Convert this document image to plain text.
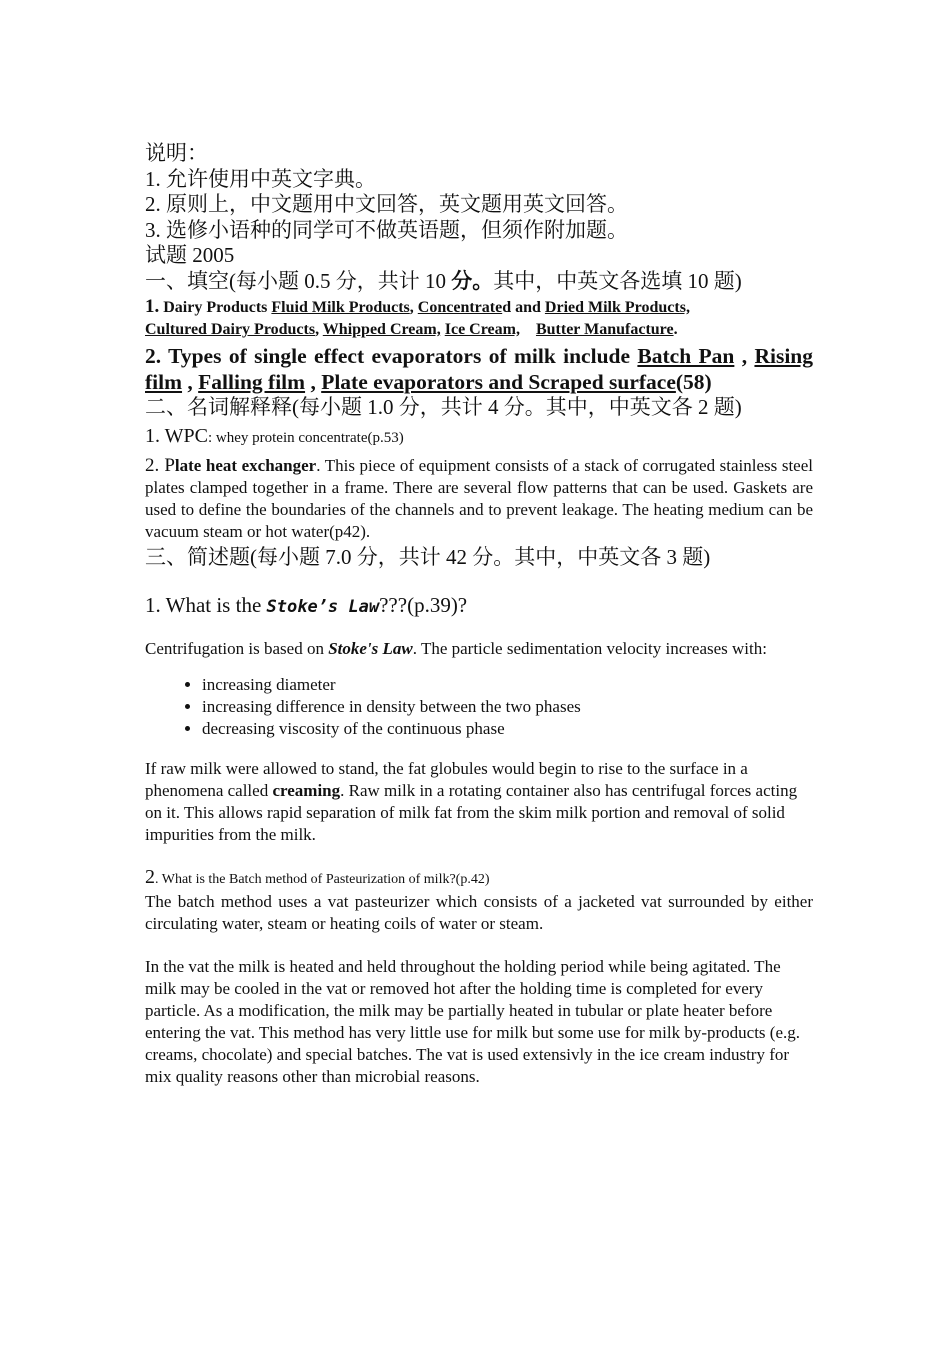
说明：

1. 允许使用中英文字典。

2. 原则上，中文题用中文回答，英文题用英文回答。

3. 选修小语种的同学可不做英语题，但须作附加题。

试题 2005

一、填空(每小题 0.5 分，共计 10 分。其中，中英文各选填 10 题)

1. Dairy Products Fluid Milk Products, Concentrated and Dried Milk Products,
Cultured Dairy Products, Whipped Cream, Ice Cream, Butter Manufacture.

2. Types of single effect evaporators of milk include Batch Pan , Rising film , Falling film , Plate evaporators and Scraped surface(58)

二、名词解释释(每小题 1.0 分，共计 4 分。其中，中英文各 2 题)

1. WPC: whey protein concentrate(p.53)

2. Plate heat exchanger. This piece of equipment consists of a stack of corrugated stainless steel plates clamped together in a frame. There are several flow patterns that can be used. Gaskets are used to define the boundaries of the channels and to prevent leakage. The heating medium can be vacuum steam or hot water(p42).

三、简述题(每小题 7.0 分，共计 42 分。其中，中英文各 3 题)

1. What is the Stoke’s Law???(p.39)?

Centrifugation is based on Stoke's Law. The particle sedimentation velocity increases with:

• increasing diameter
• increasing difference in density between the two phases
• decreasing viscosity of the continuous phase

If raw milk were allowed to stand, the fat globules would begin to rise to the surface in a phenomena called creaming. Raw milk in a rotating container also has centrifugal forces acting on it. This allows rapid separation of milk fat from the skim milk portion and removal of solid impurities from the milk.

2. What is the Batch method of Pasteurization of milk?(p.42)

The batch method uses a vat pasteurizer which consists of a jacketed vat surrounded by either circulating water, steam or heating coils of water or steam.

In the vat the milk is heated and held throughout the holding period while being agitated. The milk may be cooled in the vat or removed hot after the holding time is completed for every particle. As a modification, the milk may be partially heated in tubular or plate heater before entering the vat. This method has very little use for milk but some use for milk by-products (e.g. creams, chocolate) and special batches. The vat is used extensivly in the ice cream industry for mix quality reasons other than microbial reasons.
